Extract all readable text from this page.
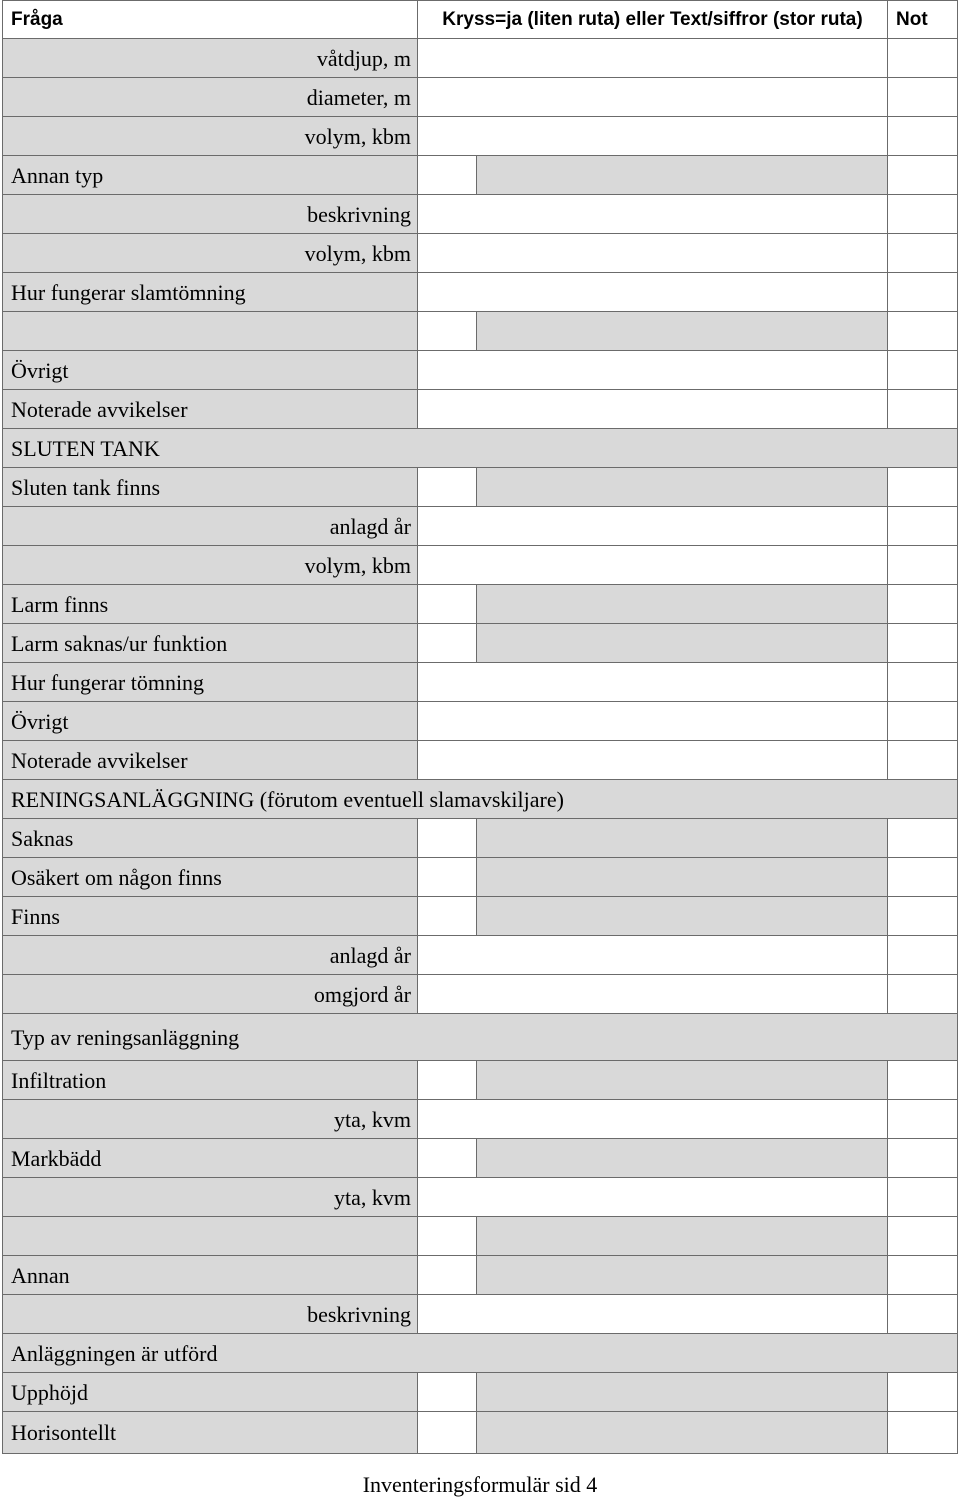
Fråga	Kryss=ja (liten ruta) eller Text/siffror (stor ruta)	Not
våtdjup, m
diameter, m
volym, kbm
Annan typ
beskrivning
volym, kbm
Hur fungerar slamtömning
Övrigt
Noterade avvikelser
SLUTEN TANK
Sluten tank finns
anlagd år
volym, kbm
Larm finns
Larm saknas/ur funktion
Hur fungerar tömning
Övrigt
Noterade avvikelser
RENINGSANLÄGGNING (förutom eventuell slamavskiljare)
Saknas
Osäkert om någon finns
Finns
anlagd år
omgjord år
Typ av reningsanläggning
Infiltration
yta, kvm
Markbädd
yta, kvm
Annan
beskrivning
Anläggningen är utförd
Upphöjd
Horisontellt
Inventeringsformulär sid 4
